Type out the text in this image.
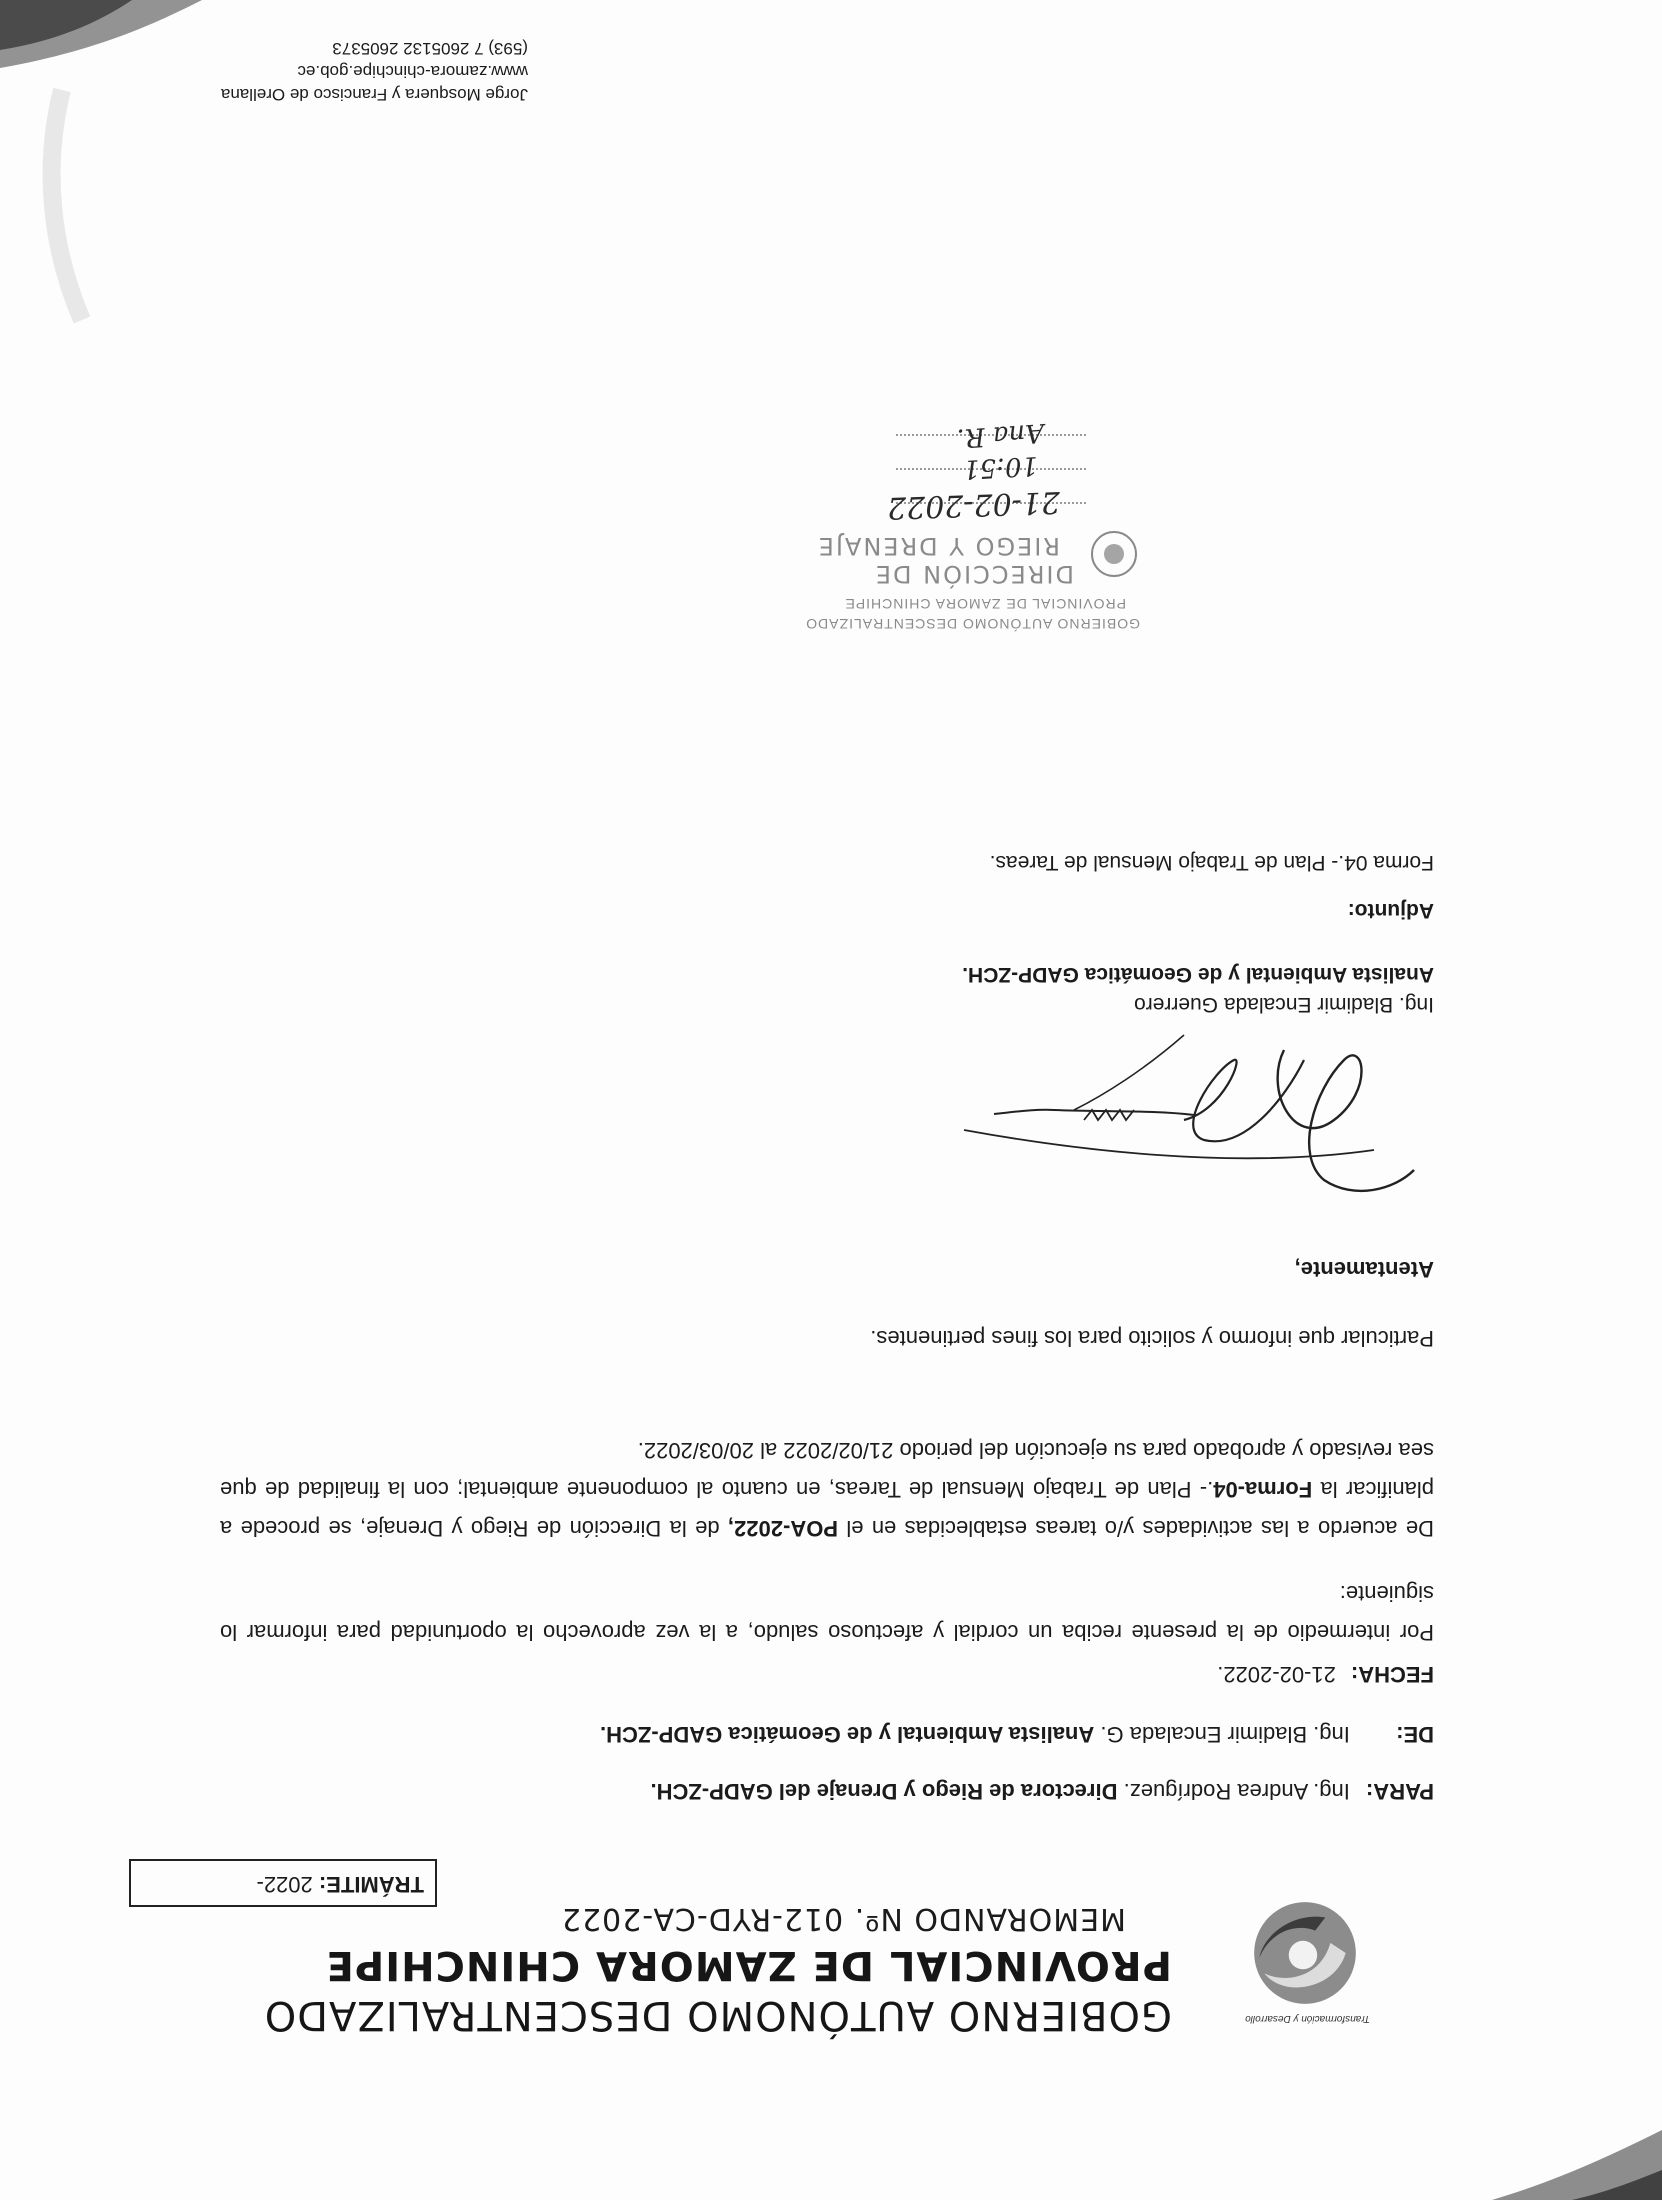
Transformación y Desarrollo
GOBIERNO AUTÓNOMO DESCENTRALIZADO
PROVINCIAL DE ZAMORA CHINCHIPE
MEMORANDO Nº. 012-RYD-CA-2022
TRÁMITE: 2022-
PARA: Ing. Andrea Rodríguez. Directora de Riego y Drenaje del GADP-ZCH.
DE: Ing. Bladimir Encalada G. Analista Ambiental y de Geomática GADP-ZCH.
FECHA: 21-02-2022.
Por intermedio de la presente reciba un cordial y afectuoso saludo, a la vez aprovecho la oportunidad para informar lo siguiente:
De acuerdo a las actividades y/o tareas establecidas en el POA-2022, de la Dirección de Riego y Drenaje, se procede a planificar la Forma-04.- Plan de Trabajo Mensual de Tareas, en cuanto al componente ambiental; con la finalidad de que sea revisado y aprobado para su ejecución del periodo 21/02/2022 al 20/03/2022.
Particular que informo y solicito para los fines pertinentes.
Atentamente,
Ing. Bladimir Encalada Guerrero
Analista Ambiental y de Geomática GADP-ZCH.
Adjunto:
Forma 04.- Plan de Trabajo Mensual de Tareas.
GOBIERNO AUTÓNOMO DESCENTRALIZADO
PROVINCIAL DE ZAMORA CHINCHIPE
DIRECCIÓN DE
RIEGO Y DRENAJE
21-02-2022
10:51
Ana R.
Jorge Mosquera y Francisco de Orellana
www.zamora-chinchipe.gob.ec
(593) 7 2605132 2605373
